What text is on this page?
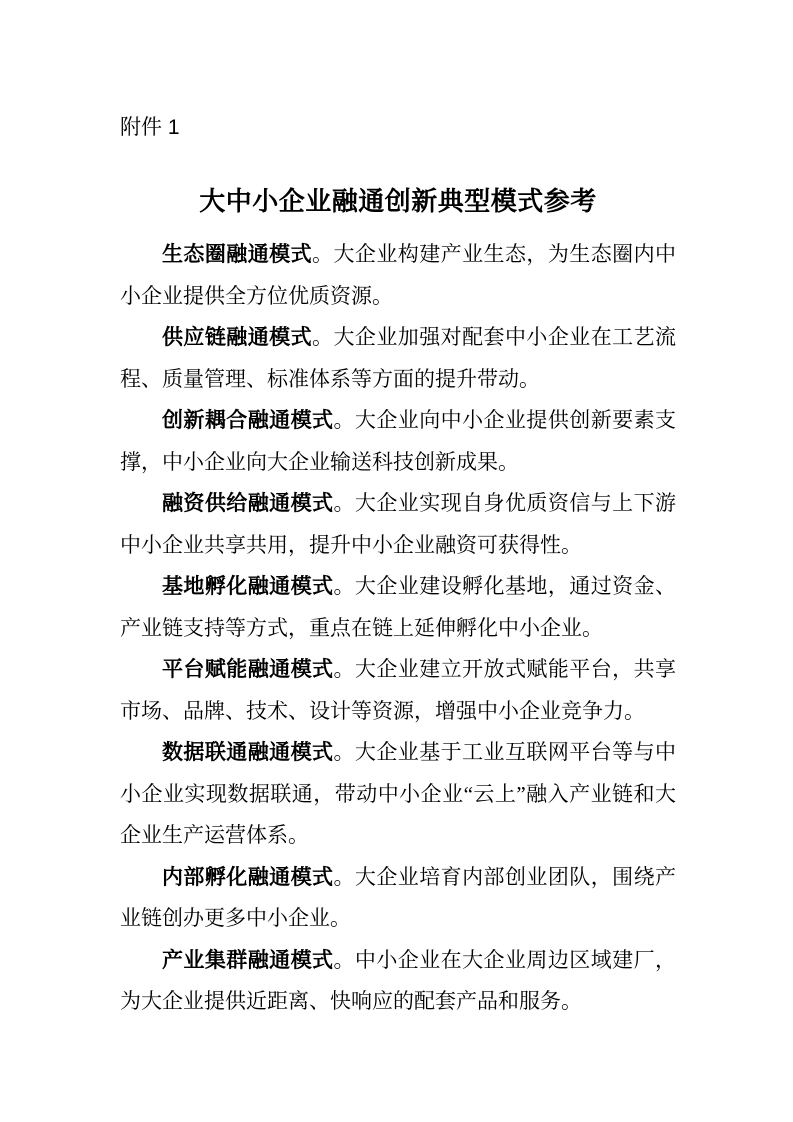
附件 1
大中小企业融通创新典型模式参考

生态圈融通模式。大企业构建产业生态，为生态圈内中小企业提供全方位优质资源。

供应链融通模式。大企业加强对配套中小企业在工艺流程、质量管理、标准体系等方面的提升带动。

创新耦合融通模式。大企业向中小企业提供创新要素支撑，中小企业向大企业输送科技创新成果。

融资供给融通模式。大企业实现自身优质资信与上下游中小企业共享共用，提升中小企业融资可获得性。

基地孵化融通模式。大企业建设孵化基地，通过资金、产业链支持等方式，重点在链上延伸孵化中小企业。

平台赋能融通模式。大企业建立开放式赋能平台，共享市场、品牌、技术、设计等资源，增强中小企业竞争力。

数据联通融通模式。大企业基于工业互联网平台等与中小企业实现数据联通，带动中小企业“云上”融入产业链和大企业生产运营体系。

内部孵化融通模式。大企业培育内部创业团队，围绕产业链创办更多中小企业。

产业集群融通模式。中小企业在大企业周边区域建厂，为大企业提供近距离、快响应的配套产品和服务。
